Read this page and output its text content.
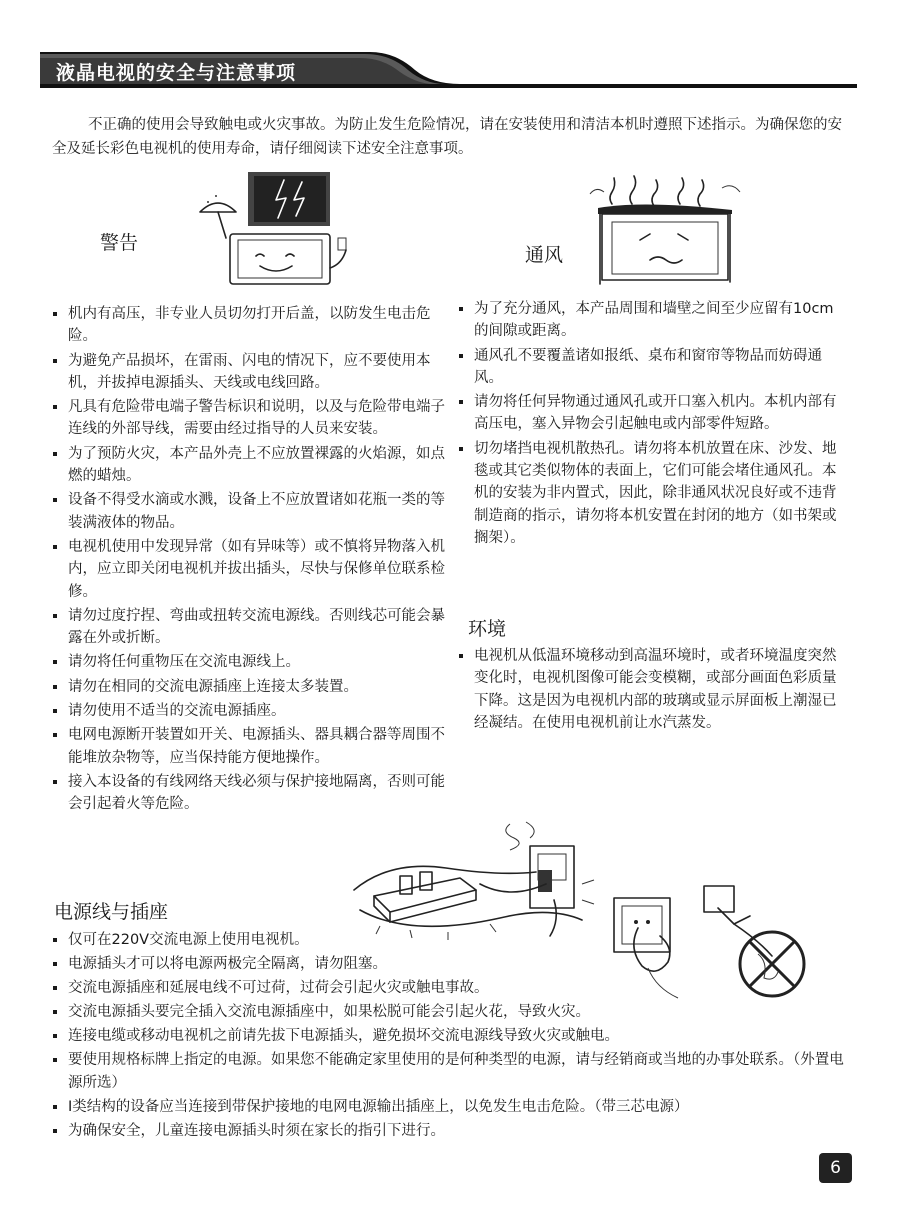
液晶电视的安全与注意事项
不正确的使用会导致触电或火灾事故。为防止发生危险情况，请在安装使用和清洁本机时遵照下述指示。为确保您的安全及延长彩色电视机的使用寿命，请仔细阅读下述安全注意事项。
警告
通风
机内有高压，非专业人员切勿打开后盖，以防发生电击危险。
为避免产品损坏，在雷雨、闪电的情况下，应不要使用本机，并拔掉电源插头、天线或电线回路。
凡具有危险带电端子警告标识和说明，以及与危险带电端子连线的外部导线，需要由经过指导的人员来安装。
为了预防火灾，本产品外壳上不应放置裸露的火焰源，如点燃的蜡烛。
设备不得受水滴或水溅，设备上不应放置诸如花瓶一类的等装满液体的物品。
电视机使用中发现异常（如有异味等）或不慎将异物落入机内，应立即关闭电视机并拔出插头，尽快与保修单位联系检修。
请勿过度拧捏、弯曲或扭转交流电源线。否则线芯可能会暴露在外或折断。
请勿将任何重物压在交流电源线上。
请勿在相同的交流电源插座上连接太多装置。
请勿使用不适当的交流电源插座。
电网电源断开装置如开关、电源插头、器具耦合器等周围不能堆放杂物等，应当保持能方便地操作。
接入本设备的有线网络天线必须与保护接地隔离，否则可能会引起着火等危险。
为了充分通风，本产品周围和墙壁之间至少应留有10cm的间隙或距离。
通风孔不要覆盖诸如报纸、桌布和窗帘等物品而妨碍通风。
请勿将任何异物通过通风孔或开口塞入机内。本机内部有高压电，塞入异物会引起触电或内部零件短路。
切勿堵挡电视机散热孔。请勿将本机放置在床、沙发、地毯或其它类似物体的表面上，它们可能会堵住通风孔。本机的安装为非内置式，因此，除非通风状况良好或不违背制造商的指示，请勿将本机安置在封闭的地方（如书架或搁架）。
环境
电视机从低温环境移动到高温环境时，或者环境温度突然变化时，电视机图像可能会变模糊，或部分画面色彩质量下降。这是因为电视机内部的玻璃或显示屏面板上潮湿已经凝结。在使用电视机前让水汽蒸发。
电源线与插座
仅可在220V交流电源上使用电视机。
电源插头才可以将电源两极完全隔离，请勿阻塞。
交流电源插座和延展电线不可过荷，过荷会引起火灾或触电事故。
交流电源插头要完全插入交流电源插座中，如果松脱可能会引起火花，导致火灾。
连接电缆或移动电视机之前请先拔下电源插头，避免损坏交流电源线导致火灾或触电。
要使用规格标牌上指定的电源。如果您不能确定家里使用的是何种类型的电源，请与经销商或当地的办事处联系。（外置电源所选）
Ⅰ类结构的设备应当连接到带保护接地的电网电源输出插座上，以免发生电击危险。（带三芯电源）
为确保安全，儿童连接电源插头时须在家长的指引下进行。
6
